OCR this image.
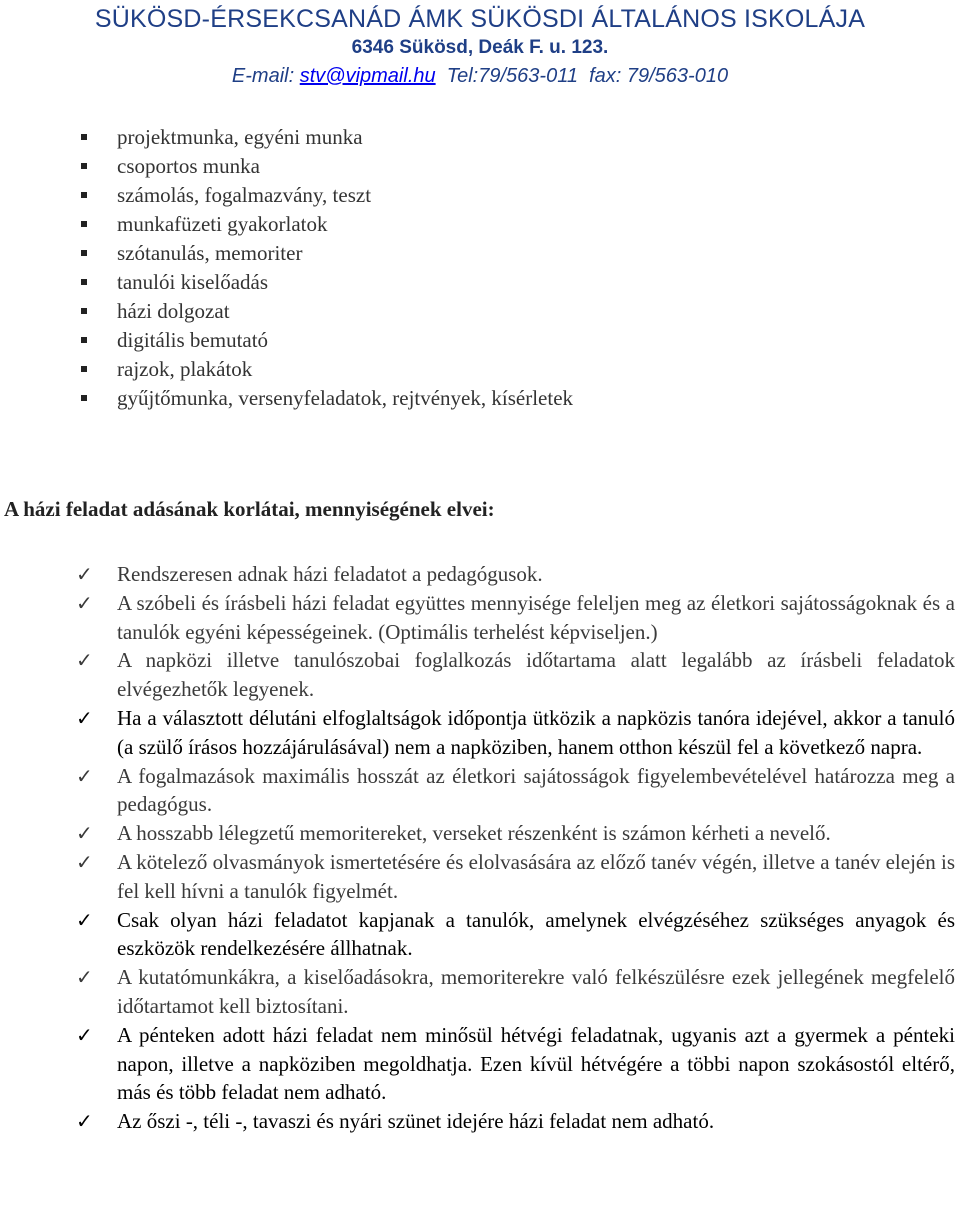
SÜKÖSD-ÉRSEKCSANÁD ÁMK SÜKÖSDI ÁLTALÁNOS ISKOLÁJA
6346 Sükösd, Deák F. u. 123.
E-mail: stv@vipmail.hu  Tel:79/563-011  fax: 79/563-010
projektmunka, egyéni munka
csoportos munka
számolás, fogalmazvány, teszt
munkafüzeti gyakorlatok
szótanulás, memoriter
tanulói kiselőadás
házi dolgozat
digitális bemutató
rajzok, plakátok
gyűjtőmunka, versenyfeladatok, rejtvények, kísérletek
A házi feladat adásának korlátai, mennyiségének elvei:
✓ Rendszeresen adnak házi feladatot a pedagógusok.
✓ A szóbeli és írásbeli házi feladat együttes mennyisége feleljen meg az életkori sajátosságoknak és a tanulók egyéni képességeinek. (Optimális terhelést képviseljen.)
✓ A napközi illetve tanulószobai foglalkozás időtartama alatt legalább az írásbeli feladatok elvégezhetők legyenek.
✓ Ha a választott délutáni elfoglaltságok időpontja ütközik a napközis tanóra idejével, akkor a tanuló (a szülő írásos hozzájárulásával) nem a napköziben, hanem otthon készül fel a következő napra.
✓ A fogalmazások maximális hosszát az életkori sajátosságok figyelembevételével határozza meg a pedagógus.
✓ A hosszabb lélegzetű memoritereket, verseket részenként is számon kérheti a nevelő.
✓ A kötelező olvasmányok ismertetésére és elolvasására az előző tanév végén, illetve a tanév elején is fel kell hívni a tanulók figyelmét.
✓ Csak olyan házi feladatot kapjanak a tanulók, amelynek elvégzéséhez szükséges anyagok és eszközök rendelkezésére állhatnak.
✓ A kutatómunkákra, a kiselőadásokra, memoriterekre való felkészülésre ezek jellegének megfelelő időtartamot kell biztosítani.
✓ A pénteken adott házi feladat nem minősül hétvégi feladatnak, ugyanis azt a gyermek a pénteki napon, illetve a napköziben megoldhatja. Ezen kívül hétvégére a többi napon szokásostól eltérő, más és több feladat nem adható.
✓ Az őszi -, téli -, tavaszi és nyári szünet idejére házi feladat nem adható.
